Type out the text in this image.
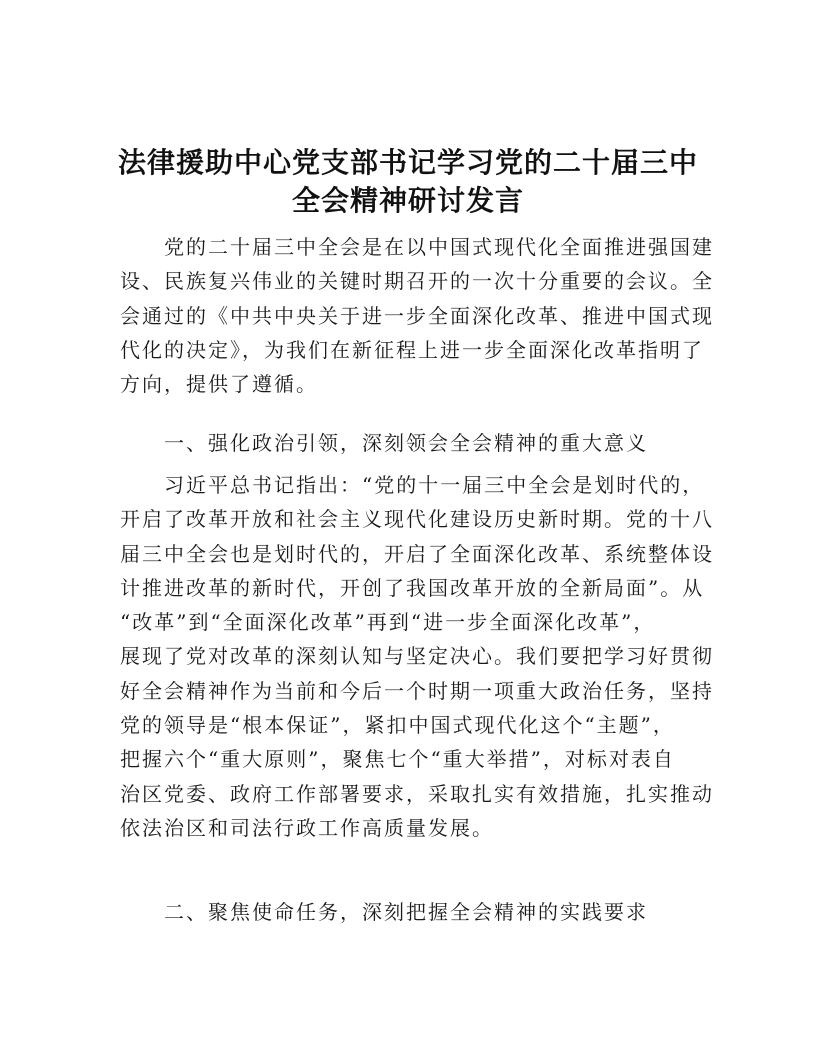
法律援助中心党支部书记学习党的二十届三中
全会精神研讨发言
党的二十届三中全会是在以中国式现代化全面推进强国建
设、民族复兴伟业的关键时期召开的一次十分重要的会议。全
会通过的《中共中央关于进一步全面深化改革、推进中国式现
代化的决定》，为我们在新征程上进一步全面深化改革指明了
方向，提供了遵循。
一、强化政治引领，深刻领会全会精神的重大意义
习近平总书记指出：“党的十一届三中全会是划时代的，
开启了改革开放和社会主义现代化建设历史新时期。党的十八
届三中全会也是划时代的，开启了全面深化改革、系统整体设
计推进改革的新时代，开创了我国改革开放的全新局面”。从
“改革”到“全面深化改革”再到“进一步全面深化改革”，
展现了党对改革的深刻认知与坚定决心。我们要把学习好贯彻
好全会精神作为当前和今后一个时期一项重大政治任务，坚持
党的领导是“根本保证”，紧扣中国式现代化这个“主题”，
把握六个“重大原则”，聚焦七个“重大举措”，对标对表自
治区党委、政府工作部署要求，采取扎实有效措施，扎实推动
依法治区和司法行政工作高质量发展。
二、聚焦使命任务，深刻把握全会精神的实践要求
